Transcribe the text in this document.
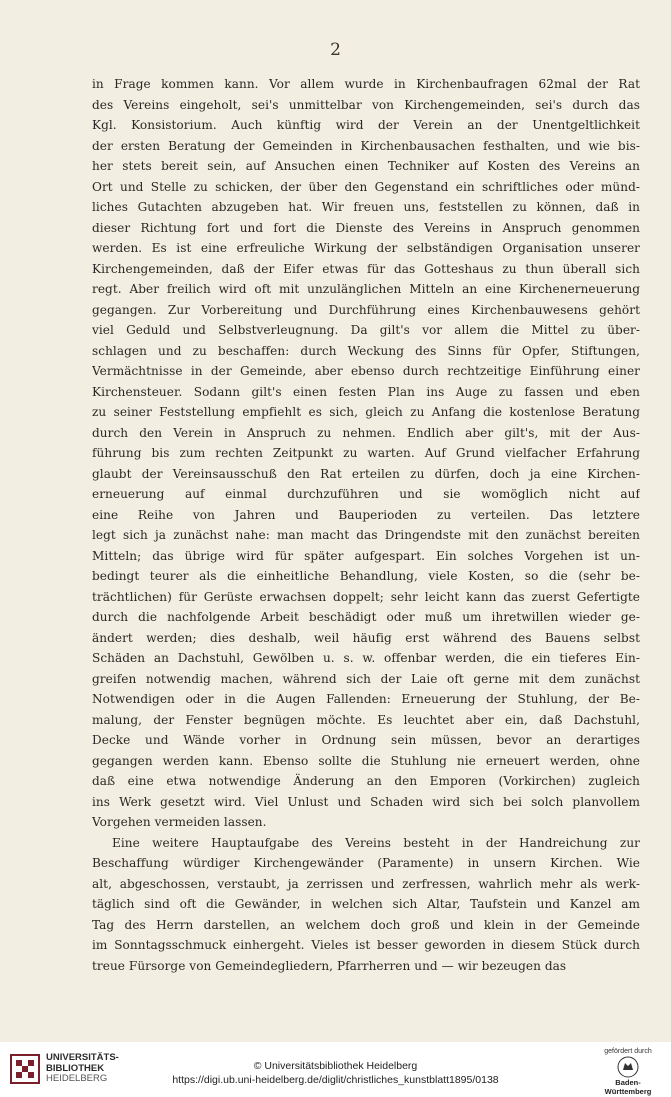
2
in Frage kommen kann. Vor allem wurde in Kirchenbaufragen 62mal der Rat
des Vereins eingeholt, sei's unmittelbar von Kirchengemeinden, sei's durch das
Kgl. Konsistorium. Auch künftig wird der Verein an der Unentgeltlichkeit
der ersten Beratung der Gemeinden in Kirchenbausachen festhalten, und wie bis-
her stets bereit sein, auf Ansuchen einen Techniker auf Kosten des Vereins an
Ort und Stelle zu schicken, der über den Gegenstand ein schriftliches oder münd-
liches Gutachten abzugeben hat. Wir freuen uns, feststellen zu können, daß in
dieser Richtung fort und fort die Dienste des Vereins in Anspruch genommen
werden. Es ist eine erfreuliche Wirkung der selbständigen Organisation unserer
Kirchengemeinden, daß der Eifer etwas für das Gotteshaus zu thun überall sich
regt. Aber freilich wird oft mit unzulänglichen Mitteln an eine Kirchenerneuerung
gegangen. Zur Vorbereitung und Durchführung eines Kirchenbauwesens gehört
viel Geduld und Selbstverleugnung. Da gilt's vor allem die Mittel zu über-
schlagen und zu beschaffen: durch Weckung des Sinns für Opfer, Stiftungen,
Vermächtnisse in der Gemeinde, aber ebenso durch rechtzeitige Einführung einer
Kirchensteuer. Sodann gilt's einen festen Plan ins Auge zu fassen und eben
zu seiner Feststellung empfiehlt es sich, gleich zu Anfang die kostenlose Beratung
durch den Verein in Anspruch zu nehmen. Endlich aber gilt's, mit der Aus-
führung bis zum rechten Zeitpunkt zu warten. Auf Grund vielfacher Erfahrung
glaubt der Vereinsausschuß den Rat erteilen zu dürfen, doch ja eine Kirchen-
erneuerung auf einmal durchzuführen und sie womöglich nicht auf
eine Reihe von Jahren und Bauperioden zu verteilen. Das letztere
legt sich ja zunächst nahe: man macht das Dringendste mit den zunächst bereiten
Mitteln; das übrige wird für später aufgespart. Ein solches Vorgehen ist un-
bedingt teurer als die einheitliche Behandlung, viele Kosten, so die (sehr be-
trächtlichen) für Gerüste erwachsen doppelt; sehr leicht kann das zuerst Gefertigte
durch die nachfolgende Arbeit beschädigt oder muß um ihretwillen wieder ge-
ändert werden; dies deshalb, weil häufig erst während des Bauens selbst
Schäden an Dachstuhl, Gewölben u. s. w. offenbar werden, die ein tieferes Ein-
greifen notwendig machen, während sich der Laie oft gerne mit dem zunächst
Notwendigen oder in die Augen Fallenden: Erneuerung der Stuhlung, der Be-
malung, der Fenster begnügen möchte. Es leuchtet aber ein, daß Dachstuhl,
Decke und Wände vorher in Ordnung sein müssen, bevor an derartiges
gegangen werden kann. Ebenso sollte die Stuhlung nie erneuert werden, ohne
daß eine etwa notwendige Änderung an den Emporen (Vorkirchen) zugleich
ins Werk gesetzt wird. Viel Unlust und Schaden wird sich bei solch planvollem
Vorgehen vermeiden lassen.
Eine weitere Hauptaufgabe des Vereins besteht in der Handreichung zur
Beschaffung würdiger Kirchengewänder (Paramente) in unsern Kirchen. Wie
alt, abgeschossen, verstaubt, ja zerrissen und zerfressen, wahrlich mehr als werk-
täglich sind oft die Gewänder, in welchen sich Altar, Taufstein und Kanzel am
Tag des Herrn darstellen, an welchem doch groß und klein in der Gemeinde
im Sonntagsschmuck einhergeht. Vieles ist besser geworden in diesem Stück durch
treue Fürsorge von Gemeindegliedern, Pfarrherren und — wir bezeugen das
UNIVERSITÄTS-
BIBLIOTHEK
HEIDELBERG
© Universitätsbibliothek Heidelberg
https://digi.ub.uni-heidelberg.de/diglit/christliches_kunstblatt1895/0138
gefördert durch
Baden-Württemberg
